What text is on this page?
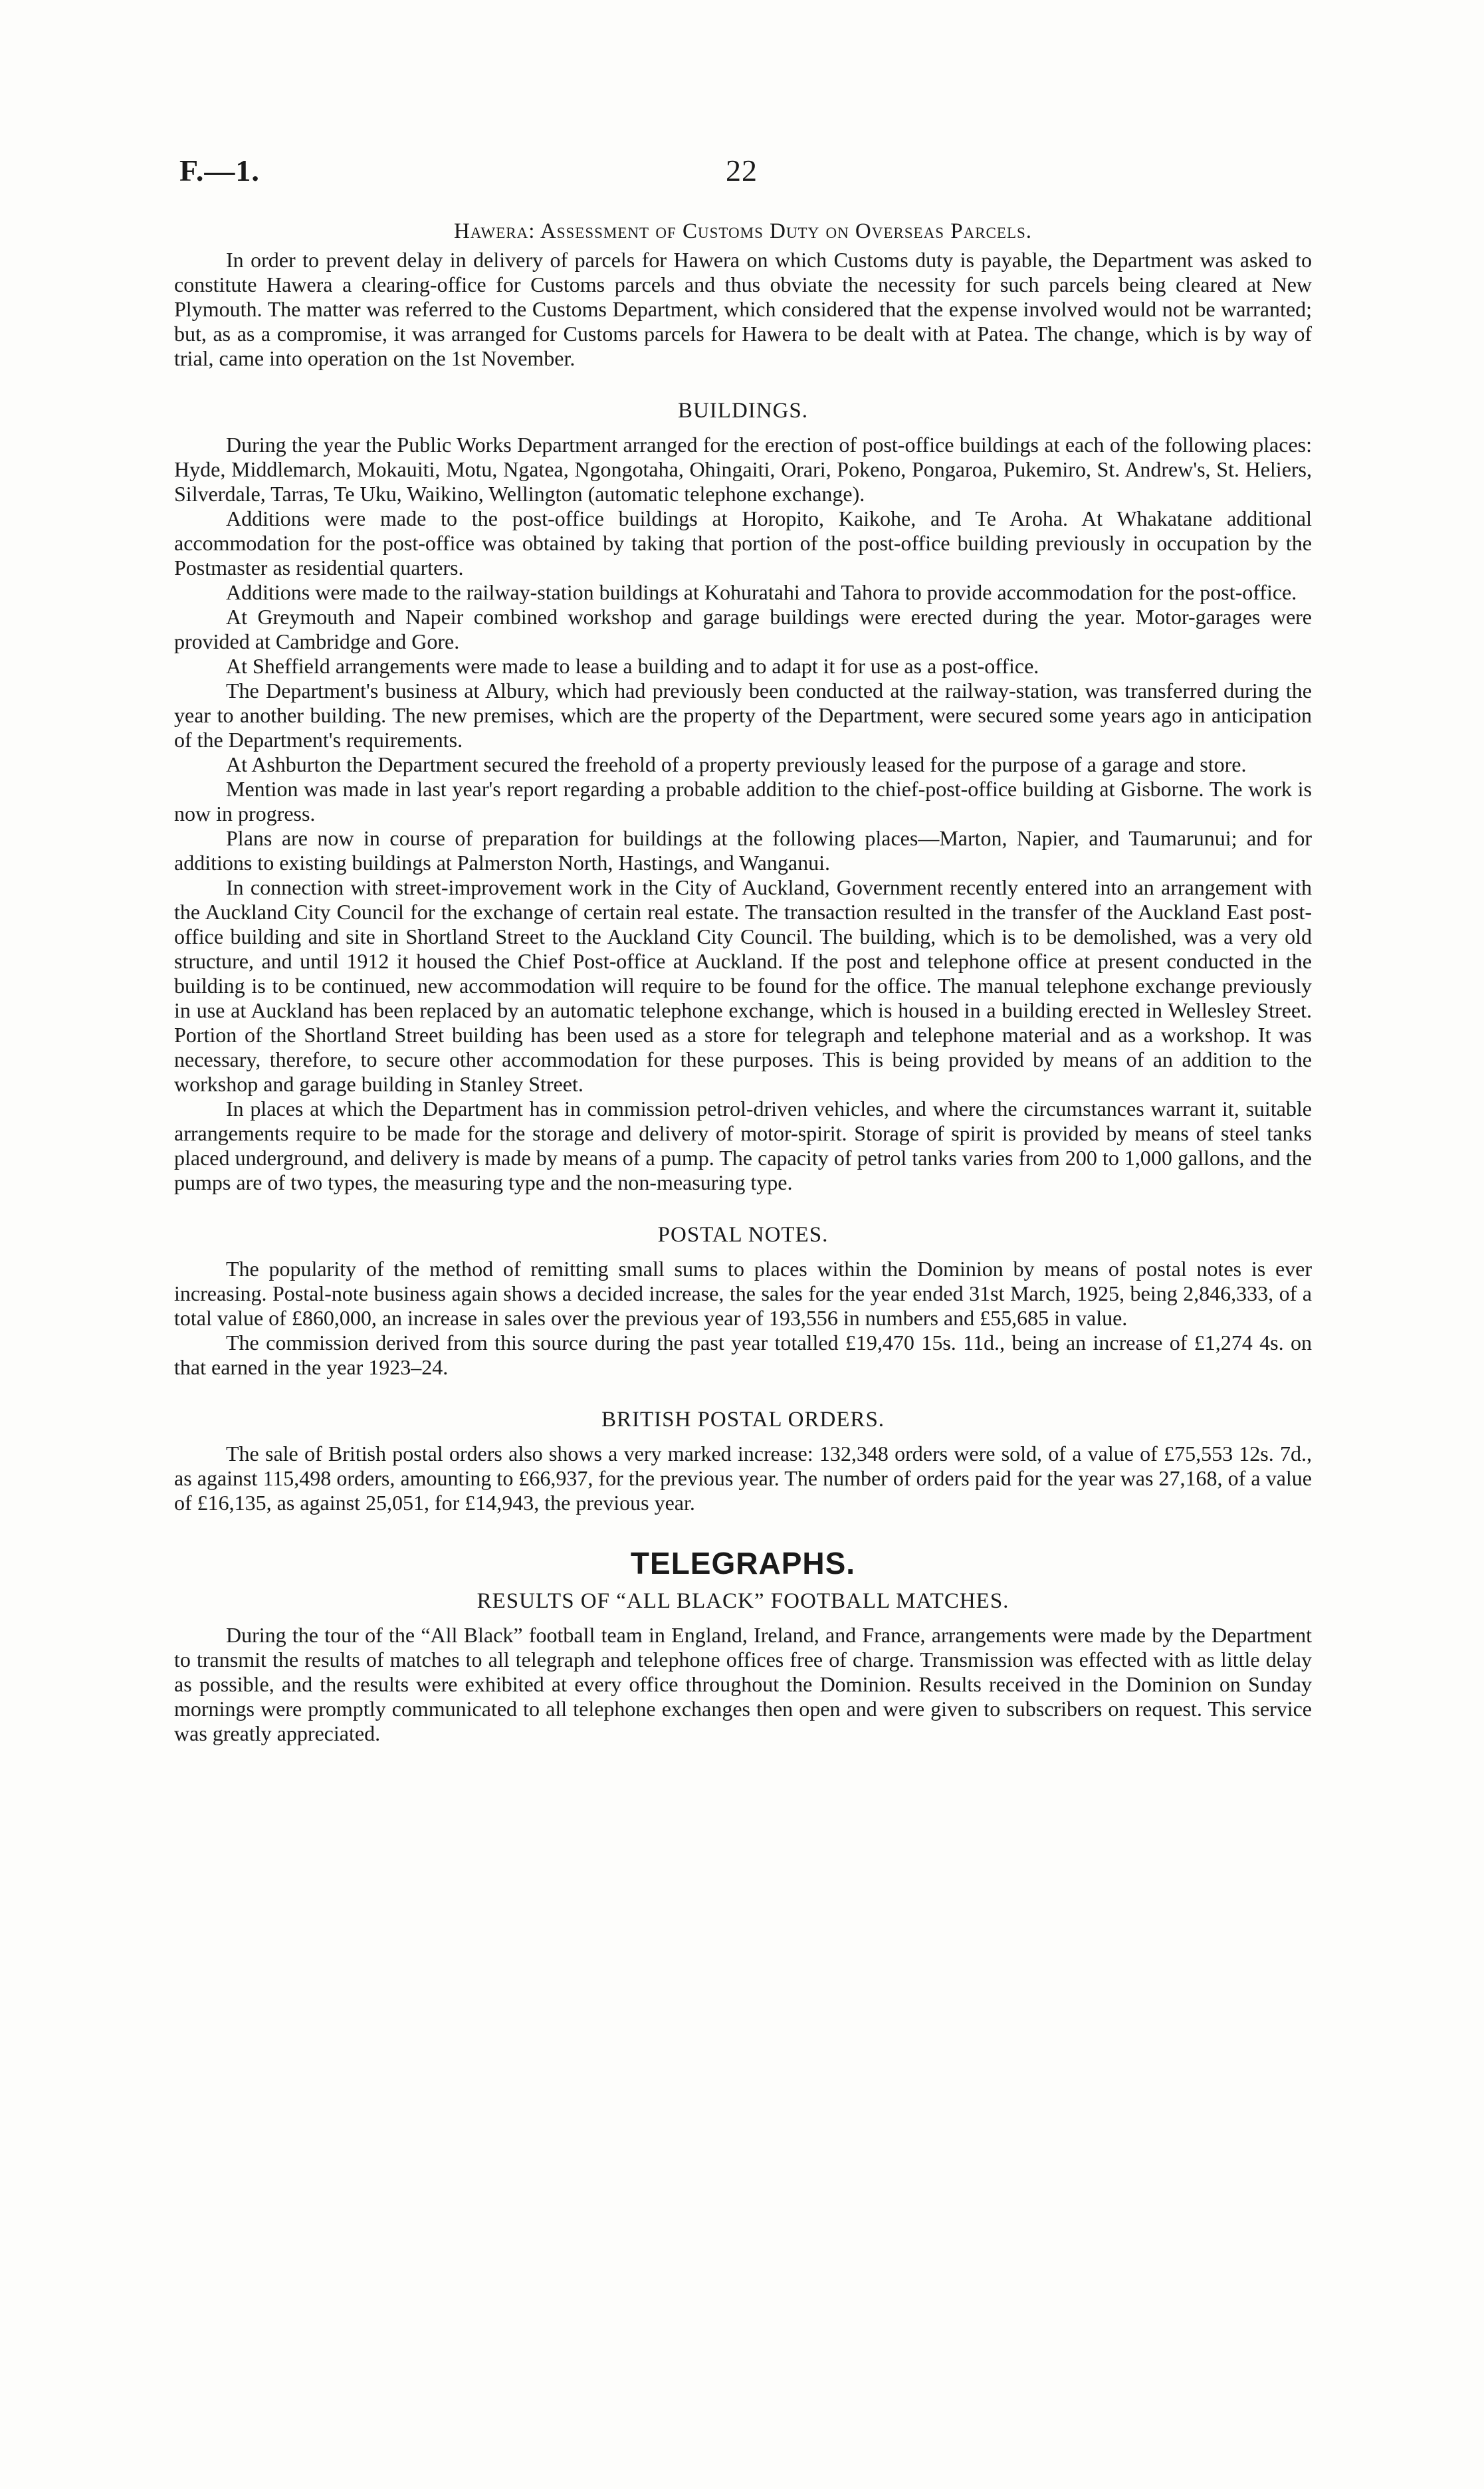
F.—1.	22
Hawera: Assessment of Customs Duty on Overseas Parcels.

In order to prevent delay in delivery of parcels for Hawera on which Customs duty is payable, the Department was asked to constitute Hawera a clearing-office for Customs parcels and thus obviate the necessity for such parcels being cleared at New Plymouth. The matter was referred to the Customs Department, which considered that the expense involved would not be warranted; but, as as a compromise, it was arranged for Customs parcels for Hawera to be dealt with at Patea. The change, which is by way of trial, came into operation on the 1st November.

BUILDINGS.

During the year the Public Works Department arranged for the erection of post-office buildings at each of the following places: Hyde, Middlemarch, Mokauiti, Motu, Ngatea, Ngongotaha, Ohingaiti, Orari, Pokeno, Pongaroa, Pukemiro, St. Andrew's, St. Heliers, Silverdale, Tarras, Te Uku, Waikino, Wellington (automatic telephone exchange).

Additions were made to the post-office buildings at Horopito, Kaikohe, and Te Aroha. At Whakatane additional accommodation for the post-office was obtained by taking that portion of the post-office building previously in occupation by the Postmaster as residential quarters.

Additions were made to the railway-station buildings at Kohuratahi and Tahora to provide accommodation for the post-office.

At Greymouth and Napeir combined workshop and garage buildings were erected during the year. Motor-garages were provided at Cambridge and Gore.

At Sheffield arrangements were made to lease a building and to adapt it for use as a post-office.

The Department's business at Albury, which had previously been conducted at the railway-station, was transferred during the year to another building. The new premises, which are the property of the Department, were secured some years ago in anticipation of the Department's requirements.

At Ashburton the Department secured the freehold of a property previously leased for the purpose of a garage and store.

Mention was made in last year's report regarding a probable addition to the chief-post-office building at Gisborne. The work is now in progress.

Plans are now in course of preparation for buildings at the following places—Marton, Napier, and Taumarunui; and for additions to existing buildings at Palmerston North, Hastings, and Wanganui.

In connection with street-improvement work in the City of Auckland, Government recently entered into an arrangement with the Auckland City Council for the exchange of certain real estate. The transaction resulted in the transfer of the Auckland East post-office building and site in Shortland Street to the Auckland City Council. The building, which is to be demolished, was a very old structure, and until 1912 it housed the Chief Post-office at Auckland. If the post and telephone office at present conducted in the building is to be continued, new accommodation will require to be found for the office. The manual telephone exchange previously in use at Auckland has been replaced by an automatic telephone exchange, which is housed in a building erected in Wellesley Street. Portion of the Shortland Street building has been used as a store for telegraph and telephone material and as a workshop. It was necessary, therefore, to secure other accommodation for these purposes. This is being provided by means of an addition to the workshop and garage building in Stanley Street.

In places at which the Department has in commission petrol-driven vehicles, and where the circumstances warrant it, suitable arrangements require to be made for the storage and delivery of motor-spirit. Storage of spirit is provided by means of steel tanks placed underground, and delivery is made by means of a pump. The capacity of petrol tanks varies from 200 to 1,000 gallons, and the pumps are of two types, the measuring type and the non-measuring type.

POSTAL NOTES.

The popularity of the method of remitting small sums to places within the Dominion by means of postal notes is ever increasing. Postal-note business again shows a decided increase, the sales for the year ended 31st March, 1925, being 2,846,333, of a total value of £860,000, an increase in sales over the previous year of 193,556 in numbers and £55,685 in value.

The commission derived from this source during the past year totalled £19,470 15s. 11d., being an increase of £1,274 4s. on that earned in the year 1923–24.

BRITISH POSTAL ORDERS.

The sale of British postal orders also shows a very marked increase: 132,348 orders were sold, of a value of £75,553 12s. 7d., as against 115,498 orders, amounting to £66,937, for the previous year. The number of orders paid for the year was 27,168, of a value of £16,135, as against 25,051, for £14,943, the previous year.

TELEGRAPHS.
RESULTS OF “ALL BLACK” FOOTBALL MATCHES.

During the tour of the “All Black” football team in England, Ireland, and France, arrangements were made by the Department to transmit the results of matches to all telegraph and telephone offices free of charge. Transmission was effected with as little delay as possible, and the results were exhibited at every office throughout the Dominion. Results received in the Dominion on Sunday mornings were promptly communicated to all telephone exchanges then open and were given to subscribers on request. This service was greatly appreciated.
